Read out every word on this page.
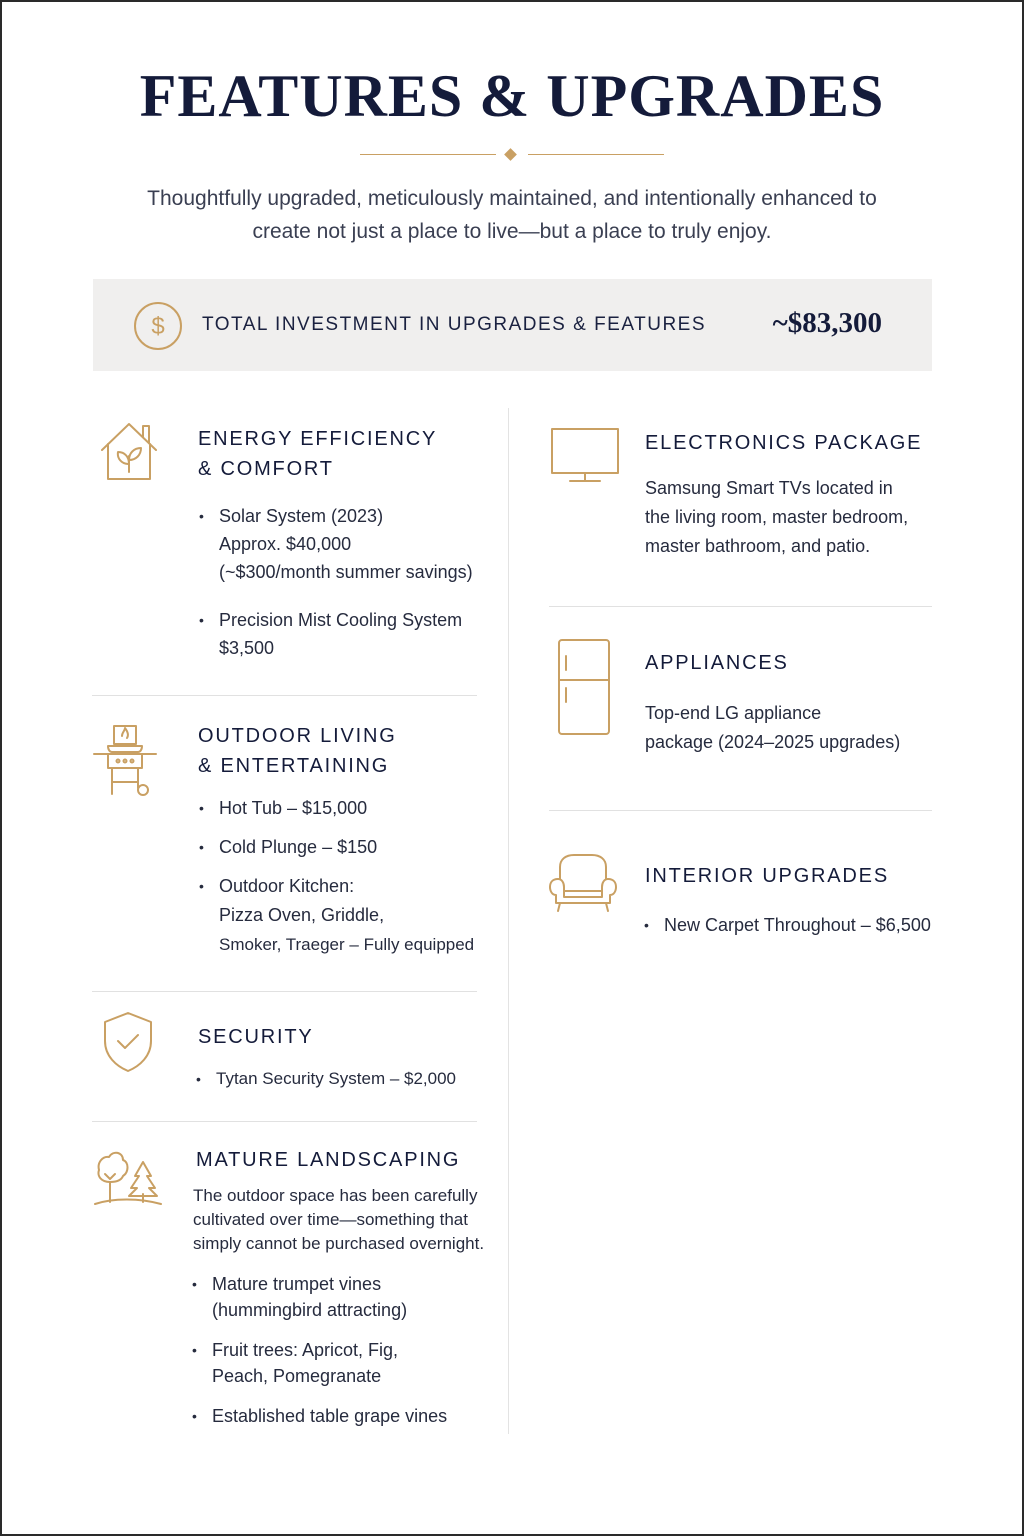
FEATURES & UPGRADES
Thoughtfully upgraded, meticulously maintained, and intentionally enhanced to
create not just a place to live—but a place to truly enjoy.
$ TOTAL INVESTMENT IN UPGRADES & FEATURES ~$83,300
ENERGY EFFICIENCY
& COMFORT
• Solar System (2023)
Approx. $40,000
(~$300/month summer savings)
• Precision Mist Cooling System
$3,500
OUTDOOR LIVING
& ENTERTAINING
• Hot Tub – $15,000
• Cold Plunge – $150
• Outdoor Kitchen:
Pizza Oven, Griddle,
Smoker, Traeger – Fully equipped
SECURITY
• Tytan Security System – $2,000
MATURE LANDSCAPING
The outdoor space has been carefully
cultivated over time—something that
simply cannot be purchased overnight.
• Mature trumpet vines
(hummingbird attracting)
• Fruit trees: Apricot, Fig,
Peach, Pomegranate
• Established table grape vines
ELECTRONICS PACKAGE
Samsung Smart TVs located in
the living room, master bedroom,
master bathroom, and patio.
APPLIANCES
Top-end LG appliance
package (2024–2025 upgrades)
INTERIOR UPGRADES
• New Carpet Throughout – $6,500
